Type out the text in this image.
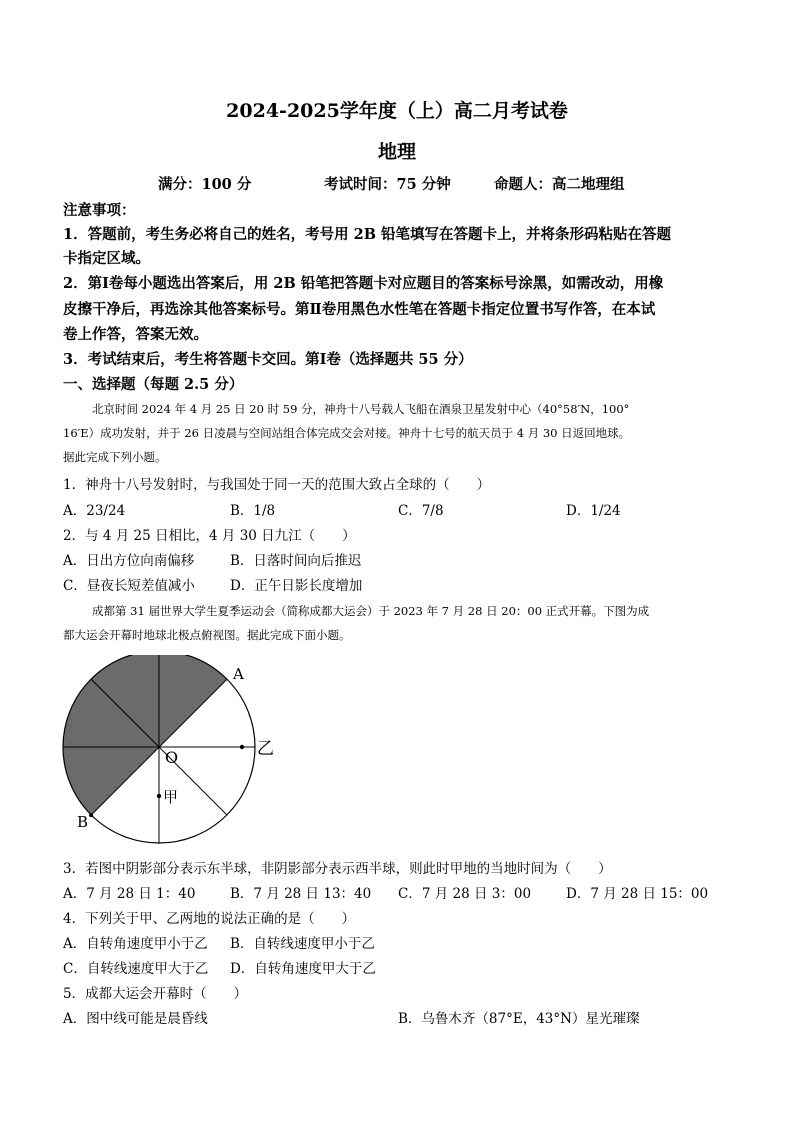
2024-2025学年度（上）高二月考试卷
地理
满分：100 分	考试时间：75 分钟	命题人：高二地理组
注意事项：
1．答题前，考生务必将自己的姓名，考号用 2B 铅笔填写在答题卡上，并将条形码粘贴在答题
卡指定区域。
2．第Ⅰ卷每小题选出答案后，用 2B 铅笔把答题卡对应题目的答案标号涂黑，如需改动，用橡
皮擦干净后，再选涂其他答案标号。第Ⅱ卷用黑色水性笔在答题卡指定位置书写作答，在本试
卷上作答，答案无效。
3．考试结束后，考生将答题卡交回。第Ⅰ卷（选择题共 55 分）
一、选择题（每题 2.5 分）
北京时间 2024 年 4 月 25 日 20 时 59 分，神舟十八号载人飞船在酒泉卫星发射中心（40°58′N，100°
16′E）成功发射，并于 26 日凌晨与空间站组合体完成交会对接。神舟十七号的航天员于 4 月 30 日返回地球。
据此完成下列小题。
1．神舟十八号发射时，与我国处于同一天的范围大致占全球的（　　）
A．23/24	B．1/8	C．7/8	D．1/24
2．与 4 月 25 日相比，4 月 30 日九江（　　）
A．日出方位向南偏移	B．日落时间向后推迟
C．昼夜长短差值减小	D．正午日影长度增加
成都第 31 届世界大学生夏季运动会（简称成都大运会）于 2023 年 7 月 28 日 20：00 正式开幕。下图为成
都大运会开幕时地球北极点俯视图。据此完成下面小题。
A
B
O
甲
乙
3．若图中阴影部分表示东半球，非阴影部分表示西半球，则此时甲地的当地时间为（　　）
A．7 月 28 日 1：40	B．7 月 28 日 13：40 C．7 月 28 日 3：00	D．7 月 28 日 15：00
4．下列关于甲、乙两地的说法正确的是（　　）
A．自转角速度甲小于乙 B．自转线速度甲小于乙
C．自转线速度甲大于乙 D．自转角速度甲大于乙
5．成都大运会开幕时（　　）
A．图中线可能是晨昏线	B．乌鲁木齐（87°E，43°N）星光璀璨
